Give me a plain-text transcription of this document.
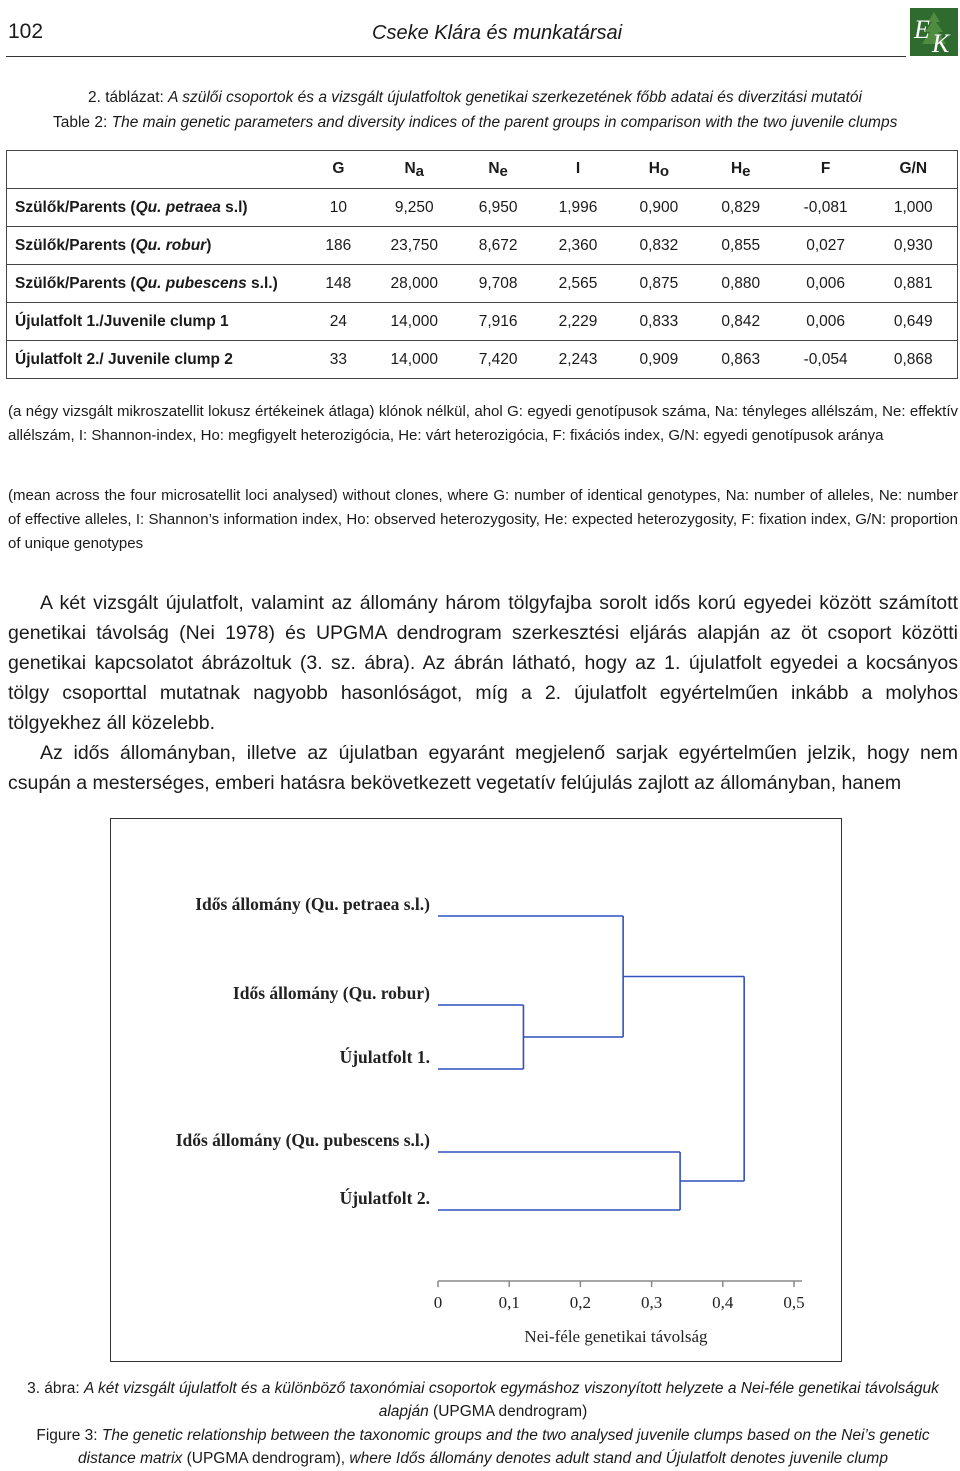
102	Cseke Klára és munkatársai	E K
2. táblázat: A szülői csoportok és a vizsgált újulatfoltok genetikai szerkezetének főbb adatai és diverzitási mutatói
Table 2: The main genetic parameters and diversity indices of the parent groups in comparison with the two juvenile clumps
	G	$N_a$	$N_e$	I	$H_o$	$H_e$	F	G/N
Szülők/Parents (Qu. petraea s.l)	10	9,250	6,950	1,996	0,900	0,829	-0,081	1,000
Szülők/Parents (Qu. robur)	186	23,750	8,672	2,360	0,832	0,855	0,027	0,930
Szülők/Parents (Qu. pubescens s.l.)	148	28,000	9,708	2,565	0,875	0,880	0,006	0,881
Újulatfolt 1./Juvenile clump 1	24	14,000	7,916	2,229	0,833	0,842	0,006	0,649
Újulatfolt 2./ Juvenile clump 2	33	14,000	7,420	2,243	0,909	0,863	-0,054	0,868
(a négy vizsgált mikroszatellit lokusz értékeinek átlaga) klónok nélkül, ahol G: egyedi genotípusok száma, Na: tényleges allélszám, Ne: effektív allélszám, I: Shannon-index, Ho: megfigyelt heterozigócia, He: várt heterozigócia, F: fixációs index, G/N: egyedi genotípusok aránya
(mean across the four microsatellit loci analysed) without clones, where G: number of identical genotypes, Na: number of alleles, Ne: number of effective alleles, I: Shannon’s information index, Ho: observed heterozygosity, He: expected heterozygosity, F: fixation index, G/N: proportion of unique genotypes

A két vizsgált újulatfolt, valamint az állomány három tölgyfajba sorolt idős korú egyedei között számított genetikai távolság (Nei 1978) és UPGMA dendrogram szerkesztési eljárás alapján az öt csoport közötti genetikai kapcsolatot ábrázoltuk (3. sz. ábra). Az ábrán látható, hogy az 1. újulatfolt egyedei a kocsányos tölgy csoporttal mutatnak nagyobb hasonlóságot, míg a 2. újulatfolt egyértelműen inkább a molyhos tölgyekhez áll közelebb.

Az idős állományban, illetve az újulatban egyaránt megjelenő sarjak egyértelműen jelzik, hogy nem csupán a mesterséges, emberi hatásra bekövetkezett vegetatív felújulás zajlott az állományban, hanem

0	0,1	0,2	0,3	0,4	0,5
Idős állomány (Qu. petraea s.l.)
Idős állomány (Qu. robur)
Újulatfolt 1.
Idős állomány (Qu. pubescens s.l.)
Újulatfolt 2.
Nei-féle genetikai távolság
3. ábra: A két vizsgált újulatfolt és a különböző taxonómiai csoportok egymáshoz viszonyított helyzete a Nei-féle genetikai távolságuk alapján (UPGMA dendrogram)
Figure 3: The genetic relationship between the taxonomic groups and the two analysed juvenile clumps based on the Nei’s genetic distance matrix (UPGMA dendrogram), where Idős állomány denotes adult stand and Újulatfolt denotes juvenile clump
